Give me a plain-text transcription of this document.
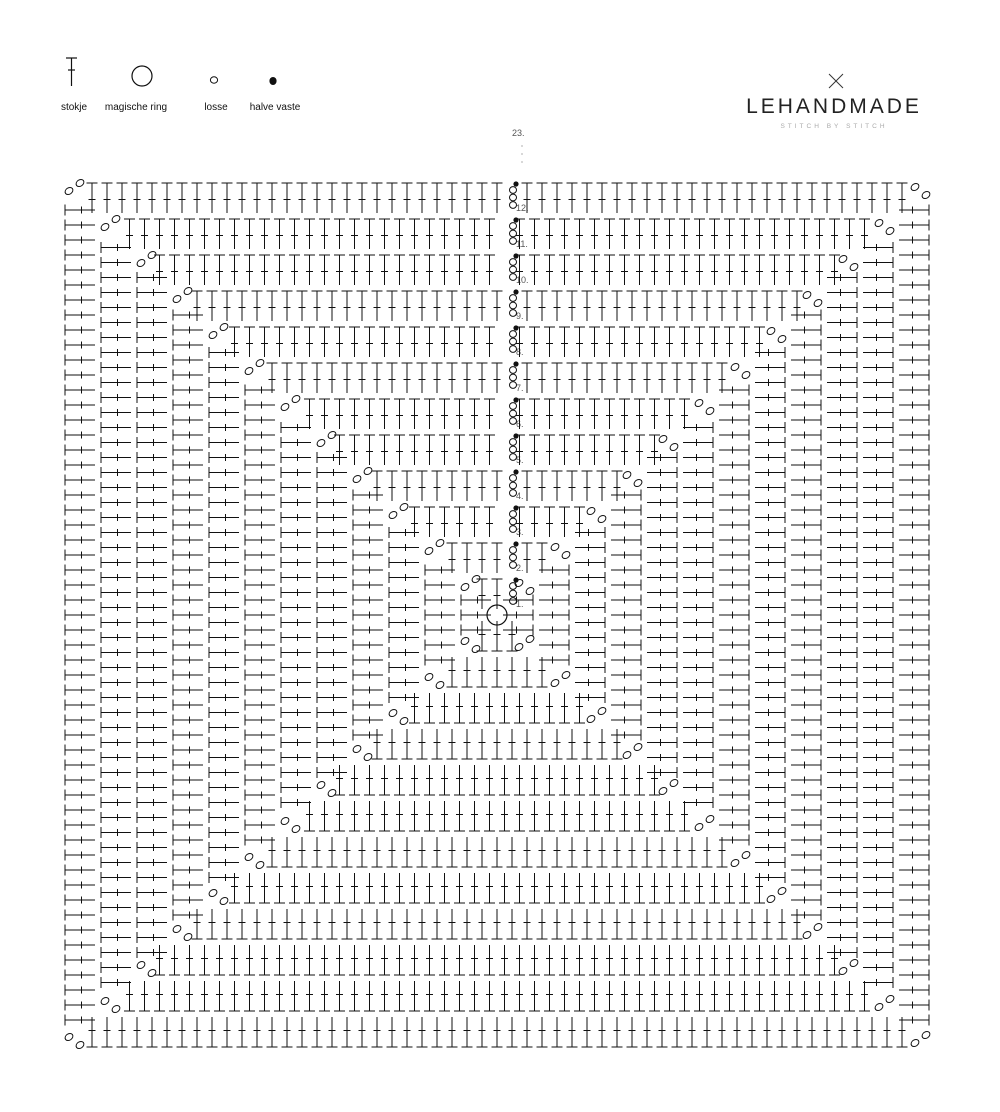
stokje magische ring	losse halve vaste	LEHANDMADE
STITCH BY STITCH
23.
1.
2.
3.
4.
5.
6.
7.
8.
9.
10.
11.
12.
